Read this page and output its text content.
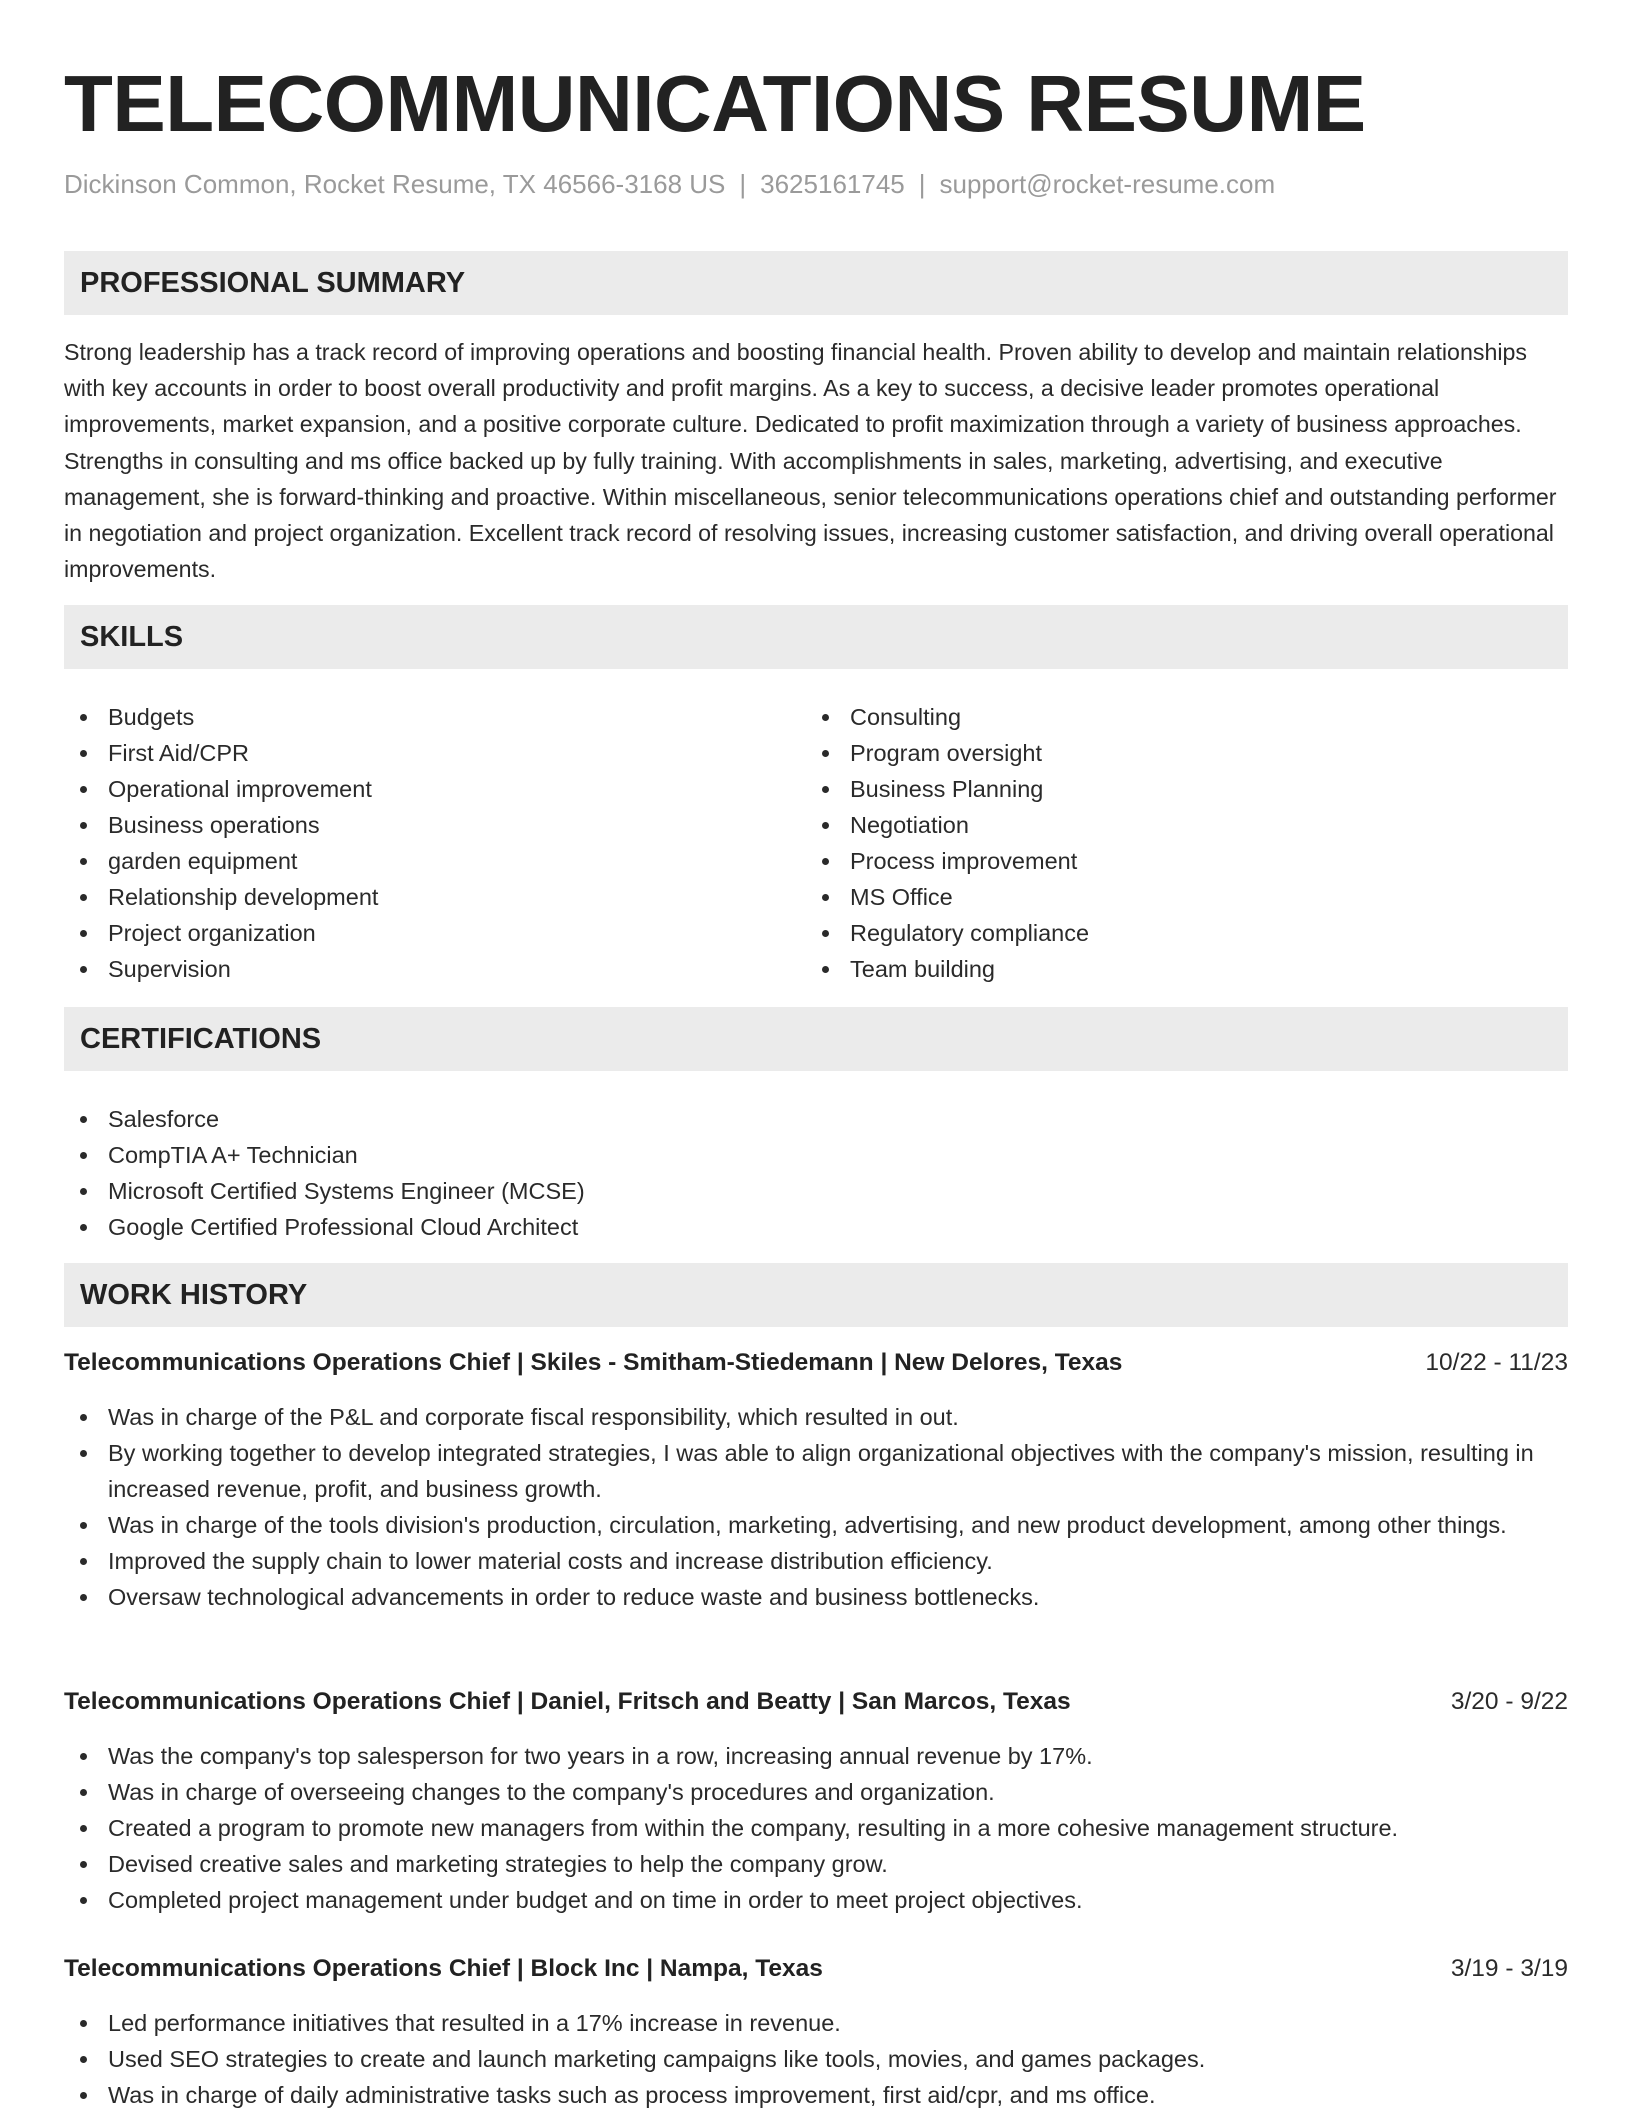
TELECOMMUNICATIONS RESUME
Dickinson Common, Rocket Resume, TX 46566-3168 US | 3625161745 | support@rocket-resume.com
PROFESSIONAL SUMMARY
Strong leadership has a track record of improving operations and boosting financial health. Proven ability to develop and maintain relationships with key accounts in order to boost overall productivity and profit margins. As a key to success, a decisive leader promotes operational improvements, market expansion, and a positive corporate culture. Dedicated to profit maximization through a variety of business approaches. Strengths in consulting and ms office backed up by fully training. With accomplishments in sales, marketing, advertising, and executive management, she is forward-thinking and proactive. Within miscellaneous, senior telecommunications operations chief and outstanding performer in negotiation and project organization. Excellent track record of resolving issues, increasing customer satisfaction, and driving overall operational improvements.
SKILLS
Budgets
First Aid/CPR
Operational improvement
Business operations
garden equipment
Relationship development
Project organization
Supervision
Consulting
Program oversight
Business Planning
Negotiation
Process improvement
MS Office
Regulatory compliance
Team building
CERTIFICATIONS
Salesforce
CompTIA A+ Technician
Microsoft Certified Systems Engineer (MCSE)
Google Certified Professional Cloud Architect
WORK HISTORY
Telecommunications Operations Chief | Skiles - Smitham-Stiedemann | New Delores, Texas	10/22 - 11/23
Was in charge of the P&L and corporate fiscal responsibility, which resulted in out.
By working together to develop integrated strategies, I was able to align organizational objectives with the company's mission, resulting in increased revenue, profit, and business growth.
Was in charge of the tools division's production, circulation, marketing, advertising, and new product development, among other things.
Improved the supply chain to lower material costs and increase distribution efficiency.
Oversaw technological advancements in order to reduce waste and business bottlenecks.
Telecommunications Operations Chief | Daniel, Fritsch and Beatty | San Marcos, Texas	3/20 - 9/22
Was the company's top salesperson for two years in a row, increasing annual revenue by 17%.
Was in charge of overseeing changes to the company's procedures and organization.
Created a program to promote new managers from within the company, resulting in a more cohesive management structure.
Devised creative sales and marketing strategies to help the company grow.
Completed project management under budget and on time in order to meet project objectives.
Telecommunications Operations Chief | Block Inc | Nampa, Texas	3/19 - 3/19
Led performance initiatives that resulted in a 17% increase in revenue.
Used SEO strategies to create and launch marketing campaigns like tools, movies, and games packages.
Was in charge of daily administrative tasks such as process improvement, first aid/cpr, and ms office.
